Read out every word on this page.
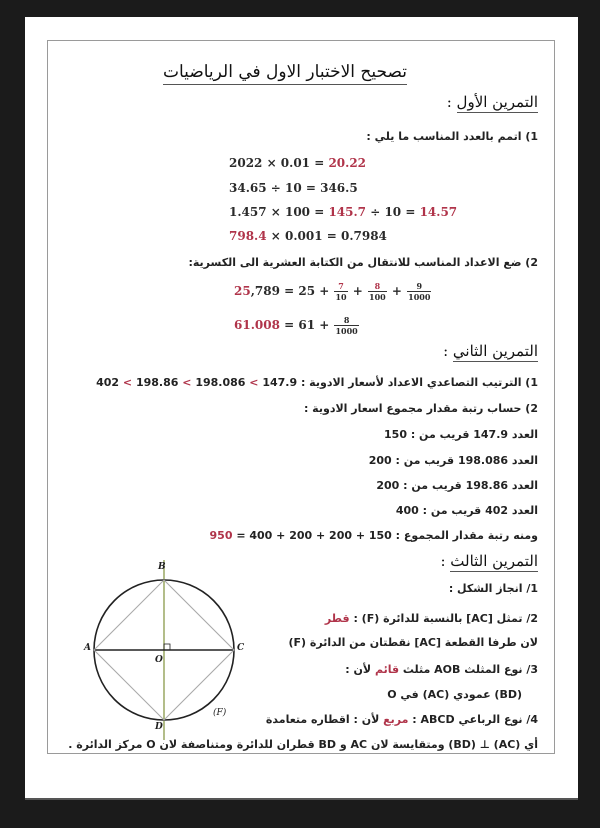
تصحيح الاختبار الاول في الرياضيات
التمرين الأول :
1) اتمم بالعدد المناسب ما يلي :
2022 × 0.01 = 20.22
34.65 ÷ 10 = 346.5
1.457 × 100 = 145.7 ÷ 10 = 14.57
798.4 × 0.001 = 0.7984
2) ضع الاعداد المناسب للانتقال من الكتابة العشرية الى الكسرية:
$25,789 = 25 + \frac{7}{10} + \frac{8}{100} + \frac{9}{1000}$
$61.008 = 61 + \frac{8}{1000}$
التمرين الثاني :
1) الترتيب التصاعدي الاعداد لأسعار الادوية : 402 < 198.86 < 198.086 < 147.9
2) حساب رتبة مقدار مجموع اسعار الادوية :
العدد 147.9 قريب من : 150
العدد 198.086 قريب من : 200
العدد 198.86 قريب من : 200
العدد 402 قريب من : 400
ومنه رتبة مقدار المجموع : 950 = 400 + 200 + 200 + 150
التمرين الثالث :
1/ انجاز الشكل :
2/ تمثل [AC] بالنسبة للدائرة (F) : قطر
لان طرفا القطعة [AC] نقطتان من الدائرة (F)
3/ نوع المثلث AOB مثلث قائم لأن :
(BD) عمودي (AC) في O
4/ نوع الرباعي ABCD : مربع لأن : اقطاره متعامدة
أي (AC) ⊥ (BD) ومتقايسة لان AC و BD قطران للدائرة ومتناصفة لان O مركز الدائرة .
B
A
O
C
D
(F)
